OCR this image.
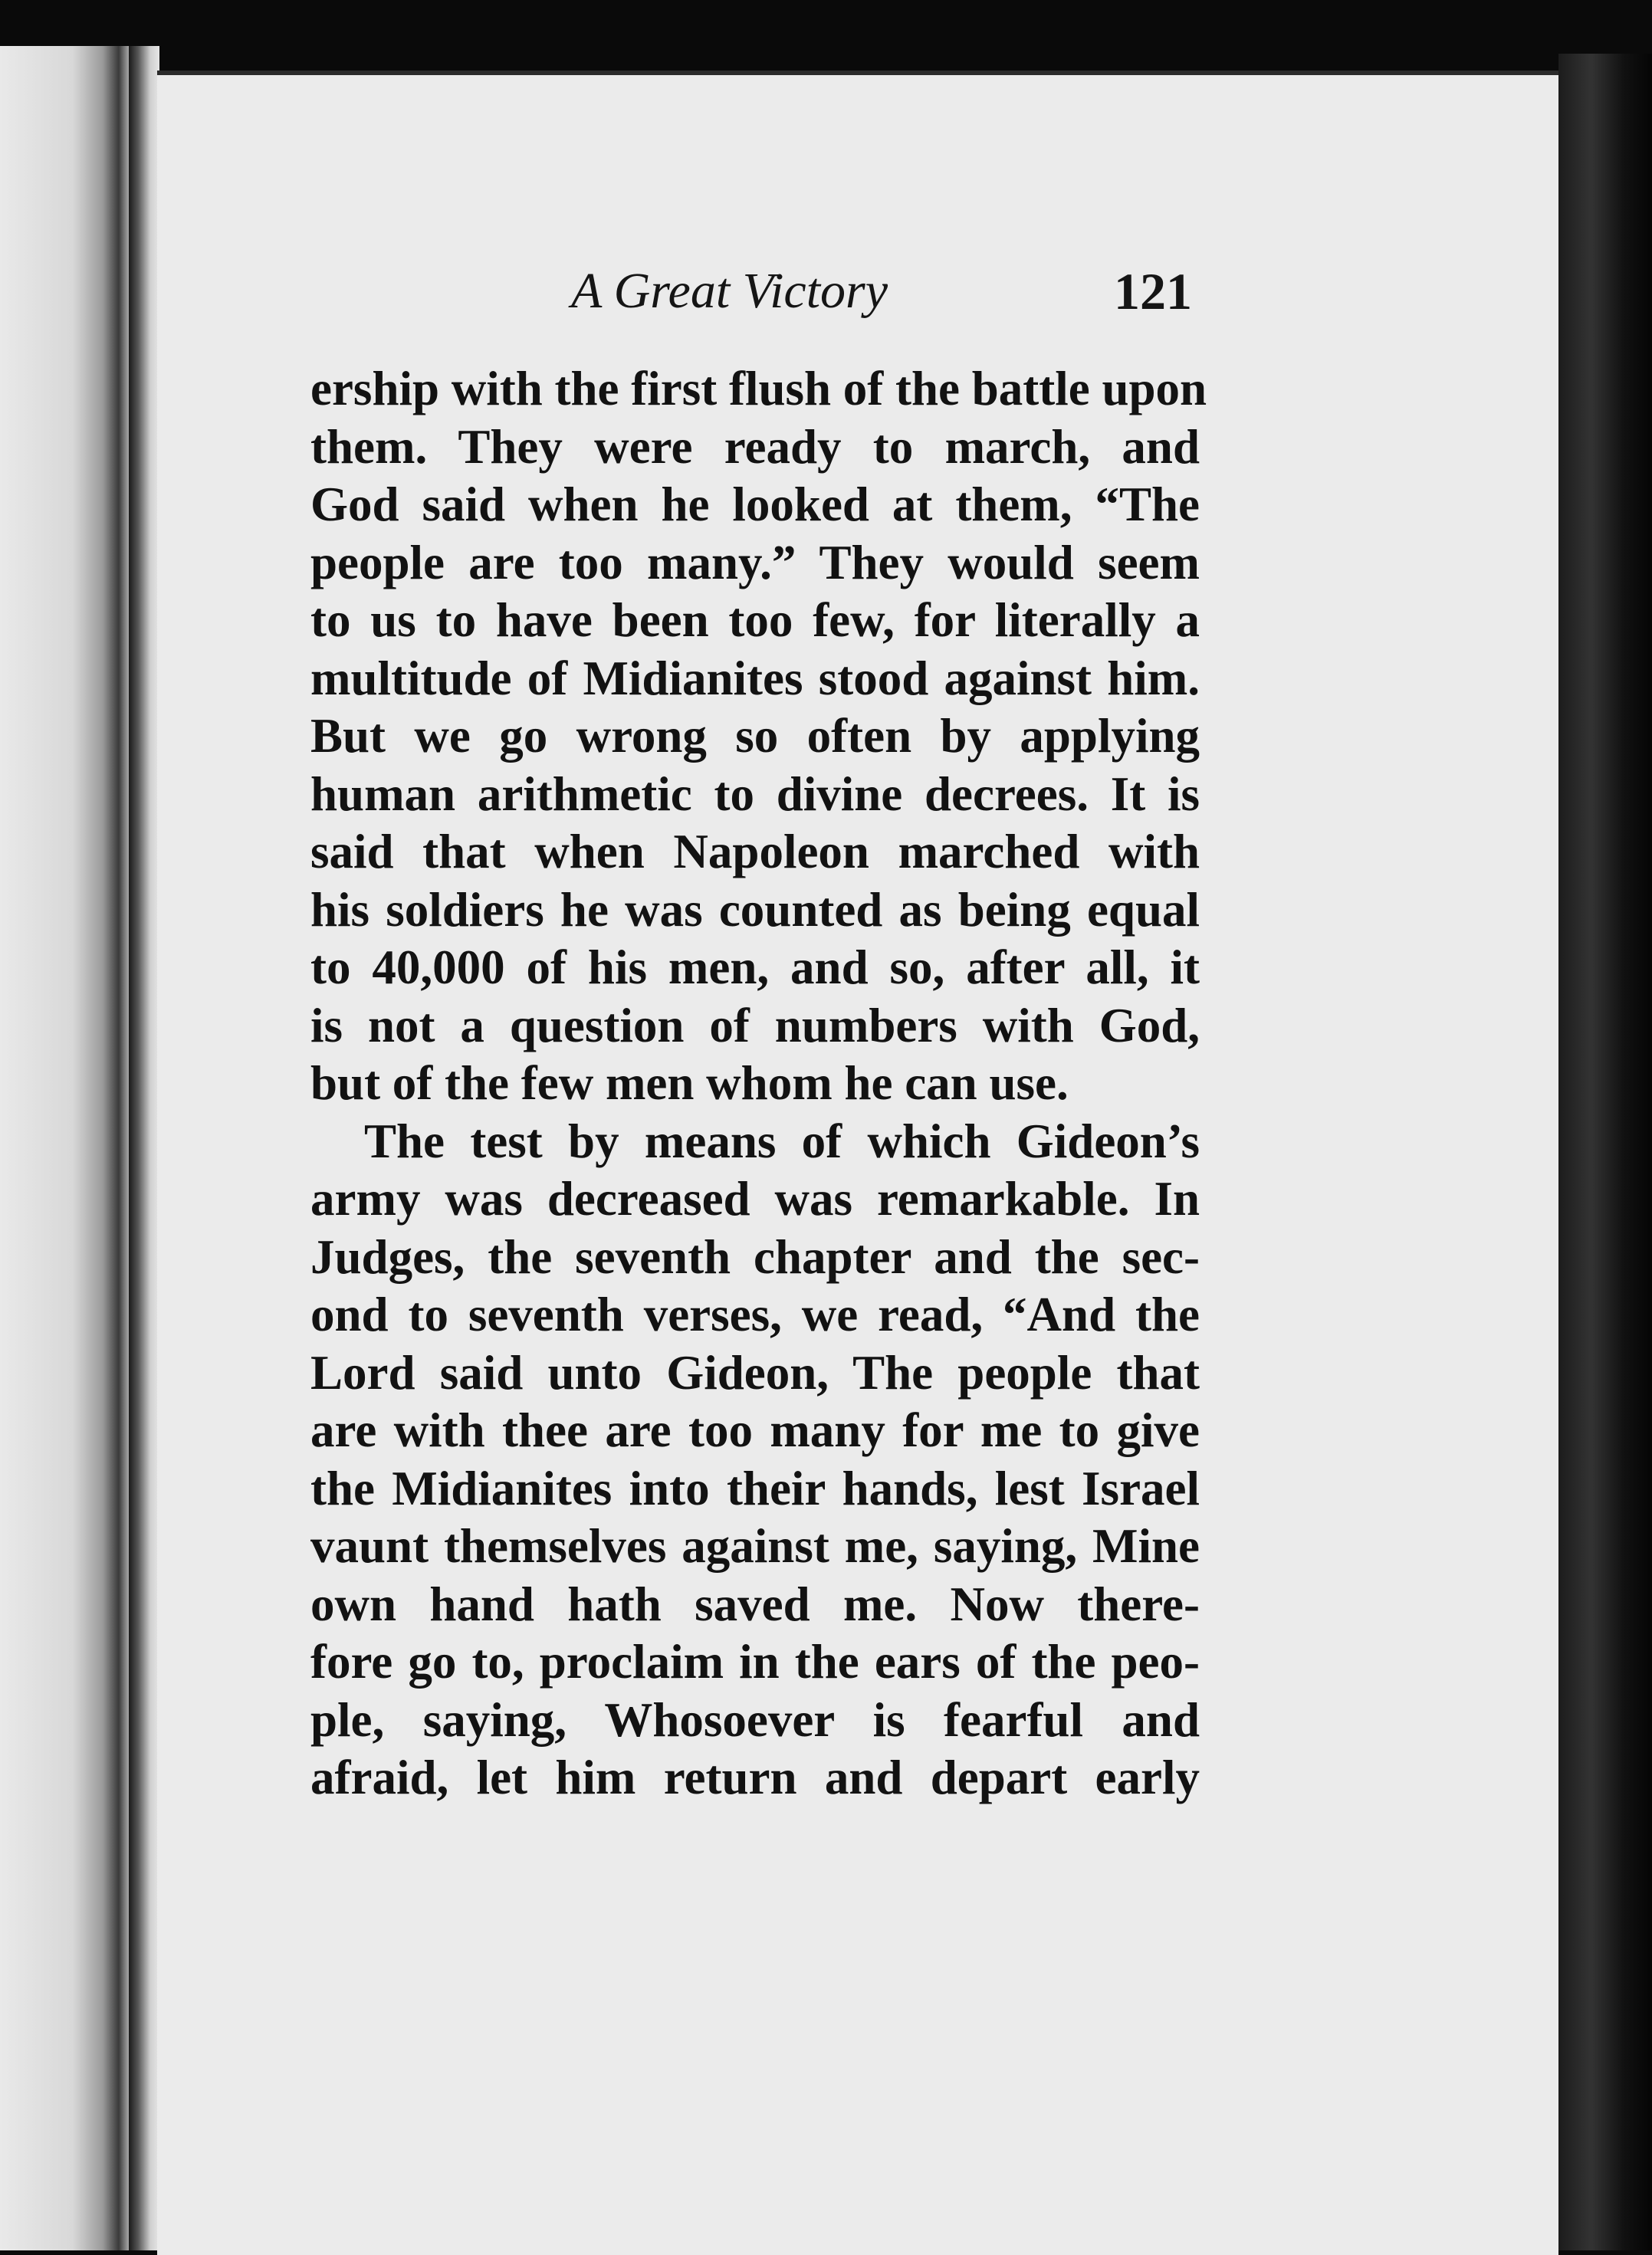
A Great Victory	121
ership with the first flush of the battle upon
them. They were ready to march, and
God said when he looked at them, “The
people are too many.” They would seem
to us to have been too few, for literally a
multitude of Midianites stood against him.
But we go wrong so often by applying
human arithmetic to divine decrees. It is
said that when Napoleon marched with
his soldiers he was counted as being equal
to 40,000 of his men, and so, after all, it
is not a question of numbers with God,
but of the few men whom he can use.
The test by means of which Gideon’s
army was decreased was remarkable. In
Judges, the seventh chapter and the sec-
ond to seventh verses, we read, “And the
Lord said unto Gideon, The people that
are with thee are too many for me to give
the Midianites into their hands, lest Israel
vaunt themselves against me, saying, Mine
own hand hath saved me. Now there-
fore go to, proclaim in the ears of the peo-
ple, saying, Whosoever is fearful and
afraid, let him return and depart early
